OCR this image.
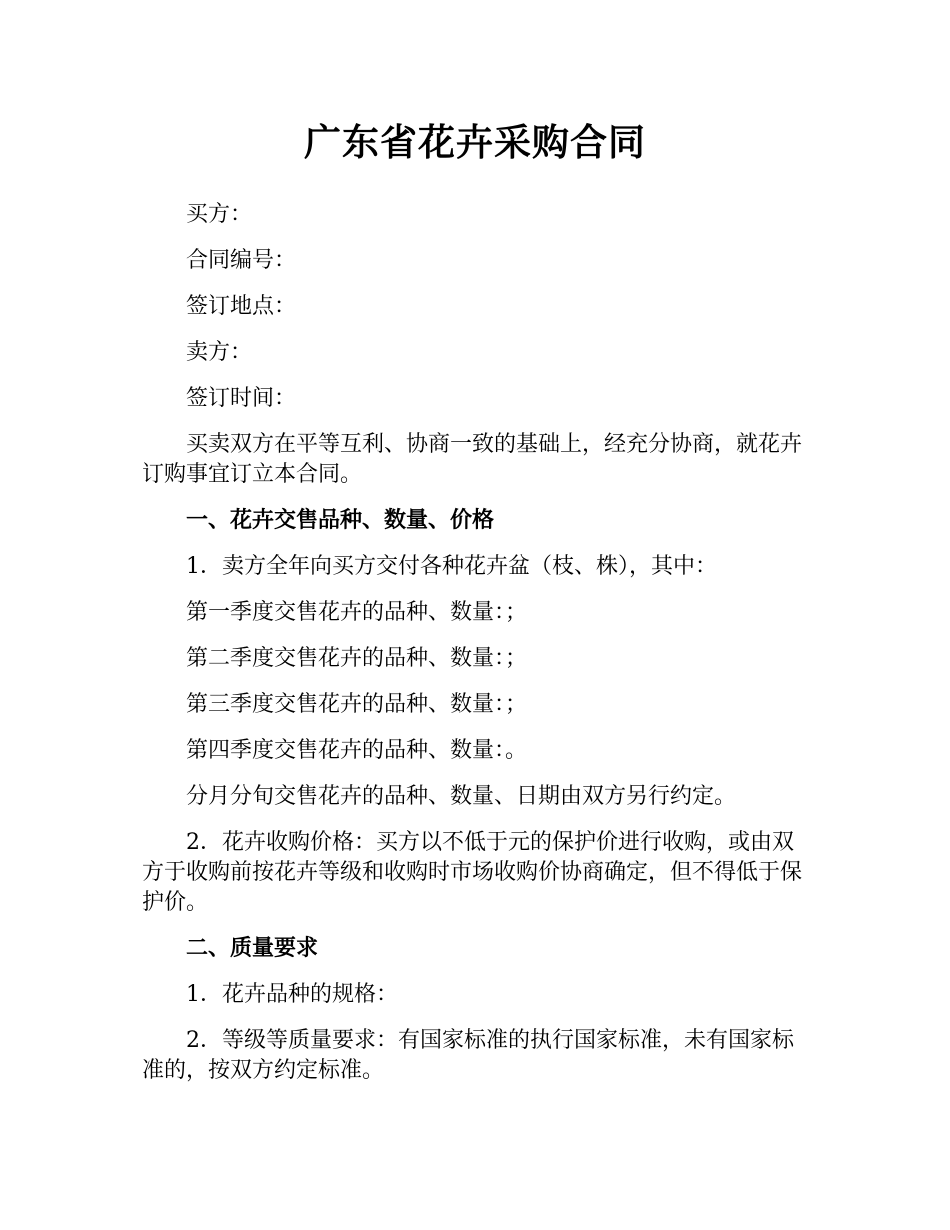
广东省花卉采购合同

买方：

合同编号：

签订地点：

卖方：

签订时间：

买卖双方在平等互利、协商一致的基础上，经充分协商，就花卉订购事宜订立本合同。

一、花卉交售品种、数量、价格

1．卖方全年向买方交付各种花卉盆（枝、株），其中：

第一季度交售花卉的品种、数量：；

第二季度交售花卉的品种、数量：；

第三季度交售花卉的品种、数量：；

第四季度交售花卉的品种、数量：。

分月分旬交售花卉的品种、数量、日期由双方另行约定。

2．花卉收购价格：买方以不低于元的保护价进行收购，或由双方于收购前按花卉等级和收购时市场收购价协商确定，但不得低于保护价。

二、质量要求

1．花卉品种的规格：

2．等级等质量要求：有国家标准的执行国家标准，未有国家标准的，按双方约定标准。
